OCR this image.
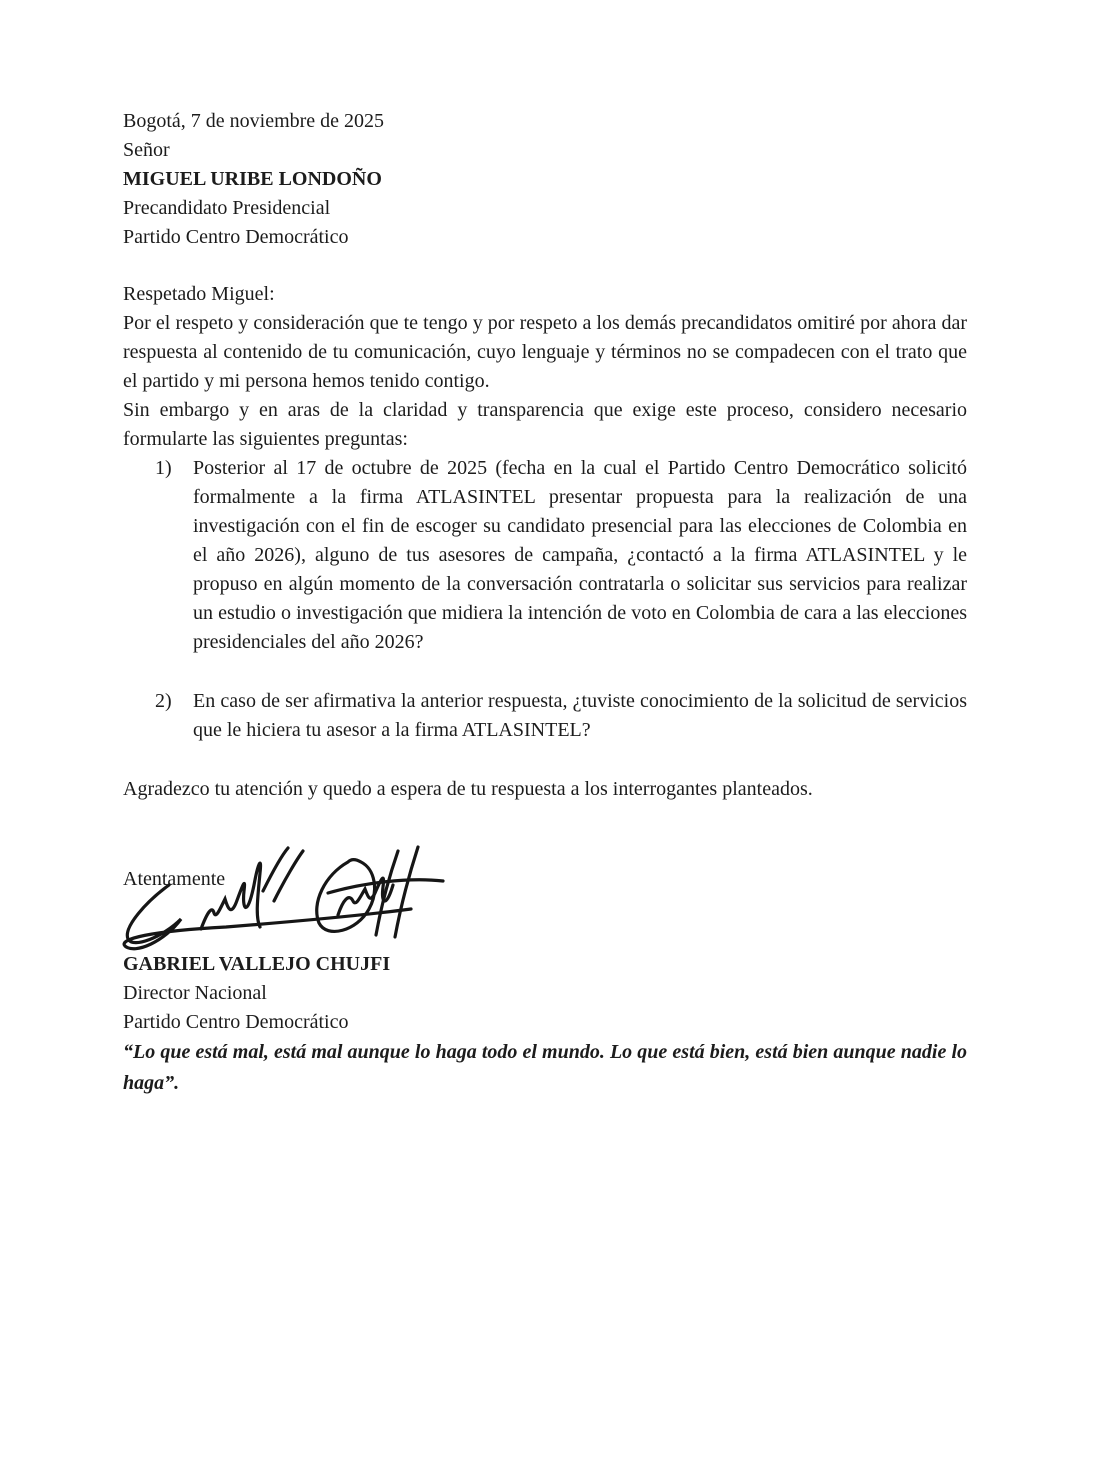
Bogotá, 7 de noviembre de 2025

Señor

MIGUEL URIBE LONDOÑO

Precandidato Presidencial

Partido Centro Democrático

Respetado Miguel:

Por el respeto y consideración que te tengo y por respeto a los demás precandidatos omitiré por ahora dar respuesta al contenido de tu comunicación, cuyo lenguaje y términos no se compadecen con el trato que el partido y mi persona hemos tenido contigo.

Sin embargo y en aras de la claridad y transparencia que exige este proceso, considero necesario formularte las siguientes preguntas:

1)	Posterior al 17 de octubre de 2025 (fecha en la cual el Partido Centro Democrático solicitó formalmente a la firma ATLASINTEL presentar propuesta para la realización de una investigación con el fin de escoger su candidato presencial para las elecciones de Colombia en el año 2026), alguno de tus asesores de campaña, ¿contactó a la firma ATLASINTEL y le propuso en algún momento de la conversación contratarla o solicitar sus servicios para realizar un estudio o investigación que midiera la intención de voto en Colombia de cara a las elecciones presidenciales del año 2026?
2)	En caso de ser afirmativa la anterior respuesta, ¿tuviste conocimiento de la solicitud de servicios que le hiciera tu asesor a la firma ATLASINTEL?

Agradezco tu atención y quedo a espera de tu respuesta a los interrogantes planteados.

Atentamente

GABRIEL VALLEJO CHUJFI

Director Nacional

Partido Centro Democrático

“Lo que está mal, está mal aunque lo haga todo el mundo. Lo que está bien, está bien aunque nadie lo haga”.
